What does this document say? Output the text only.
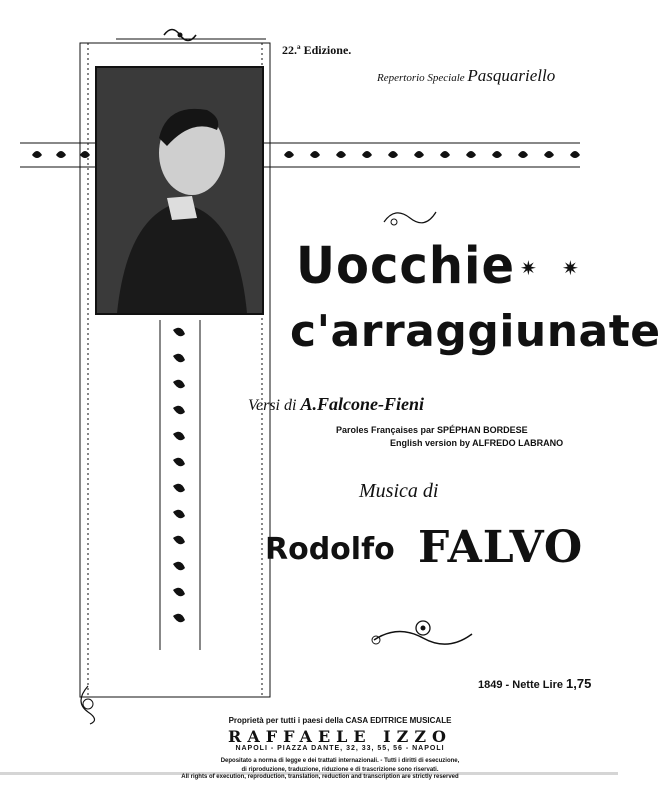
22.ª Edizione.
Repertorio Speciale Pasquariello
Uocchie ✷ ✷
c'arraggiunate
Versi di A.Falcone-Fieni
Paroles Françaises par SPÉPHAN BORDESE
English version by ALFREDO LABRANO
Musica di
Rodolfo FALVO
1849 - Nette Lire 1,75
Proprietà per tutti i paesi della CASA EDITRICE MUSICALE
RAFFAELE IZZO
NAPOLI - PIAZZA DANTE, 32, 33, 55, 56 - NAPOLI
Depositato a norma di legge e dei trattati internazionali. - Tutti i diritti di esecuzione,
di riproduzione, traduzione, riduzione e di trascrizione sono riservati.
All rights of execution, reproduction, translation, reduction and transcription are strictly reserved
